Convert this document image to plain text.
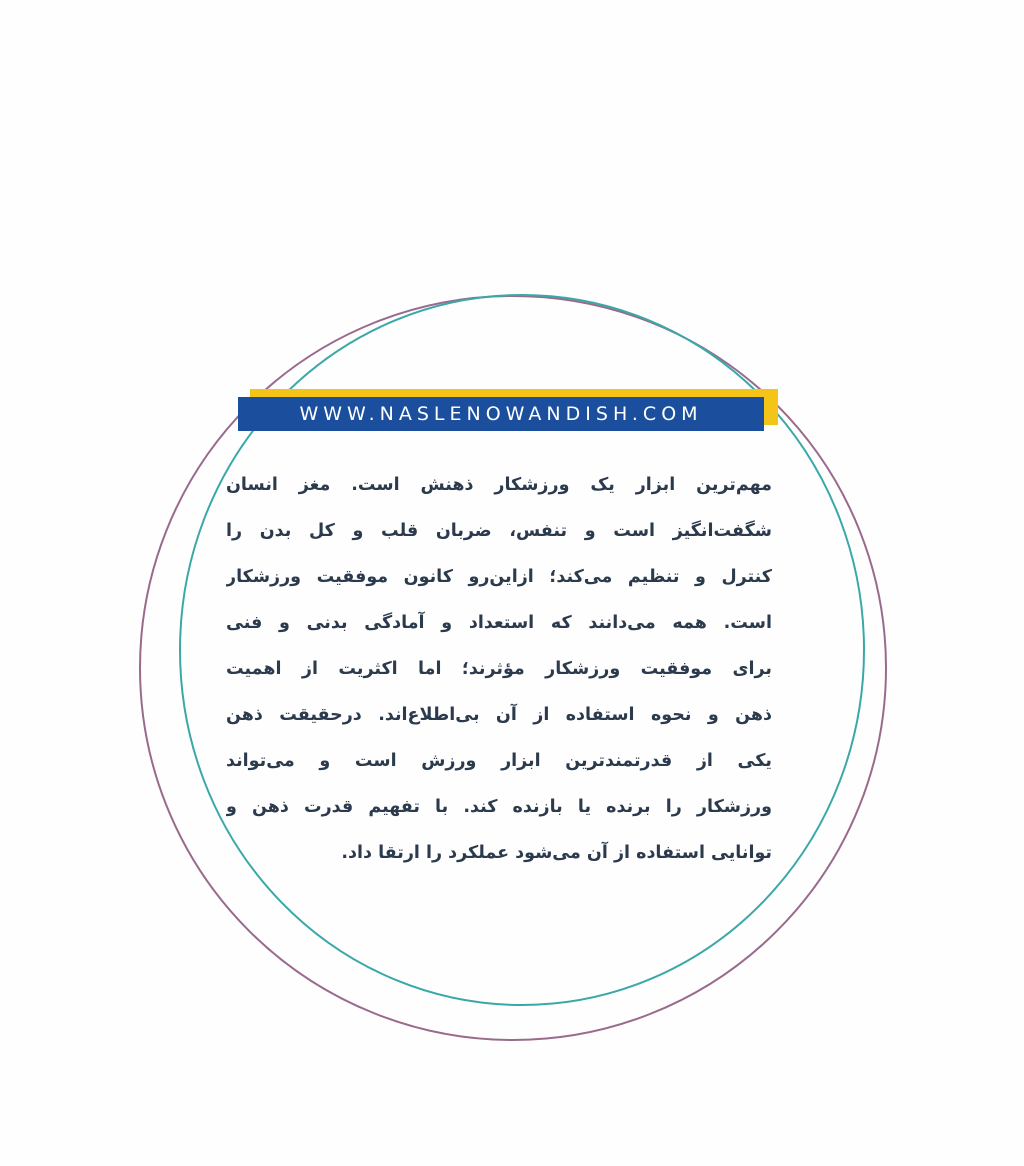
WWW.NASLENOWANDISH.COM
مهم‌ترین ابزار یک ورزشکار ذهنش است. مغز انسان
شگفت‌انگیز است و تنفس، ضربان قلب و کل بدن را
کنترل و تنظیم می‌کند؛ ازاین‌رو کانون موفقیت ورزشکار
است. همه می‌دانند که استعداد و آمادگی بدنی و فنی
برای موفقیت ورزشکار مؤثرند؛ اما اکثریت از اهمیت
ذهن و نحوه استفاده از آن بی‌اطلاع‌اند. درحقیقت ذهن
یکی از قدرتمندترین ابزار ورزش است و می‌تواند
ورزشکار را برنده یا بازنده کند. با تفهیم قدرت ذهن و
توانایی استفاده از آن می‌شود عملکرد را ارتقا داد.
